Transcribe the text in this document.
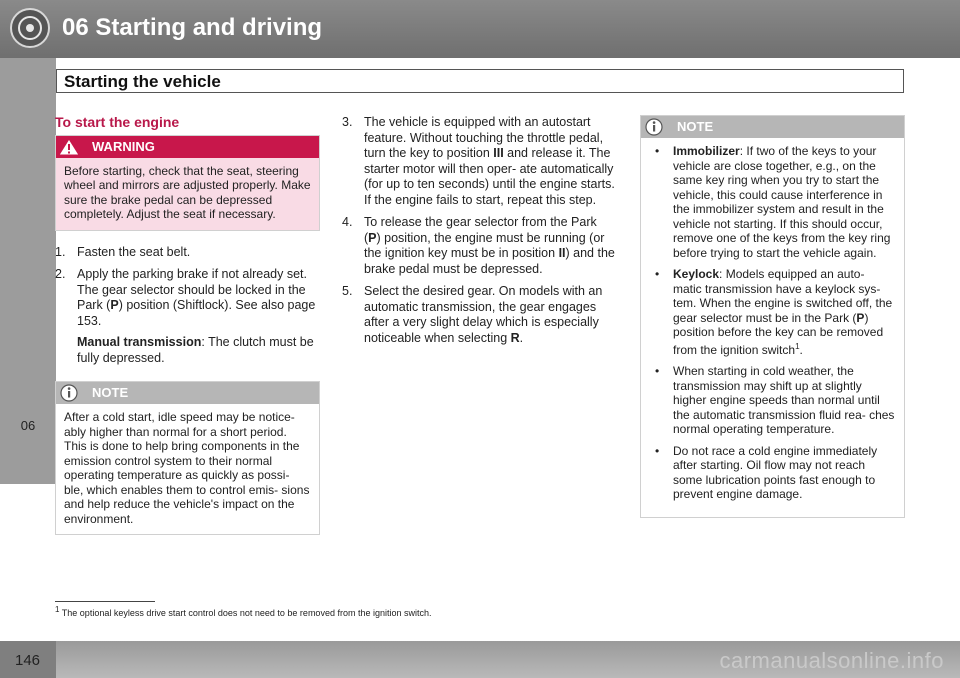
06 Starting and driving
06
Starting the vehicle
To start the engine
WARNING
Before starting, check that the seat, steering wheel and mirrors are adjusted properly. Make sure the brake pedal can be depressed completely. Adjust the seat if necessary.
1. Fasten the seat belt.
2. Apply the parking brake if not already set. The gear selector should be locked in the Park (P) position (Shiftlock). See also page 153.
Manual transmission: The clutch must be fully depressed.
NOTE
After a cold start, idle speed may be notice- ably higher than normal for a short period. This is done to help bring components in the emission control system to their normal operating temperature as quickly as possi- ble, which enables them to control emis- sions and help reduce the vehicle's impact on the environment.
3. The vehicle is equipped with an autostart feature. Without touching the throttle pedal, turn the key to position III and release it. The starter motor will then oper- ate automatically (for up to ten seconds) until the engine starts. If the engine fails to start, repeat this step.
4. To release the gear selector from the Park (P) position, the engine must be running (or the ignition key must be in position II) and the brake pedal must be depressed.
5. Select the desired gear. On models with an automatic transmission, the gear engages after a very slight delay which is especially noticeable when selecting R.
NOTE
• Immobilizer: If two of the keys to your vehicle are close together, e.g., on the same key ring when you try to start the vehicle, this could cause interference in the immobilizer system and result in the vehicle not starting. If this should occur, remove one of the keys from the key ring before trying to start the vehicle again.
• Keylock: Models equipped an auto- matic transmission have a keylock sys- tem. When the engine is switched off, the gear selector must be in the Park (P) position before the key can be removed from the ignition switch$^1$.
• When starting in cold weather, the transmission may shift up at slightly higher engine speeds than normal until the automatic transmission fluid rea- ches normal operating temperature.
• Do not race a cold engine immediately after starting. Oil flow may not reach some lubrication points fast enough to prevent engine damage.
$^1$ The optional keyless drive start control does not need to be removed from the ignition switch.
146	carmanualsonline.info
